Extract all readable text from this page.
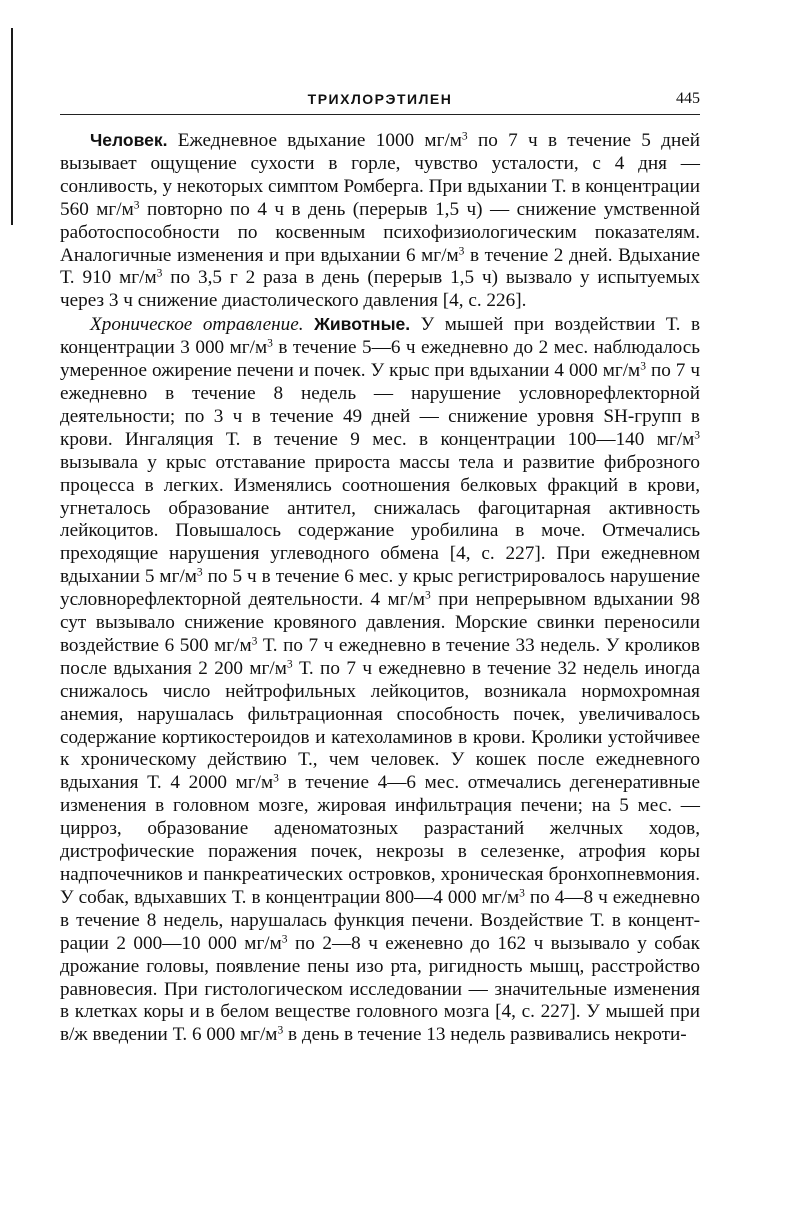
ТРИХЛОРЭТИЛЕН	445

Человек. Ежедневное вдыхание 1000 $мг/м^3$ по 7 ч в течение 5 дней вызывает ощущение сухости в горле, чувство усталости, с 4 дня — сонливость, у некоторых симптом Ромберга. При вдыхании Т. в концентрации 560 $мг/м^3$ повторно по 4 ч в день (перерыв 1,5 ч) — снижение умственной работоспособности по косвенным психофизиологическим показателям. Аналогичные изменения и при вдыхании 6 $мг/м^3$ в течение 2 дней. Вдыхание Т. 910 $мг/м^3$ по 3,5 г 2 раза в день (перерыв 1,5 ч) вызвало у испытуемых через 3 ч снижение диастолического давления [4, с. 226].

Хроническое отравление. Животные. У мышей при воздействии Т. в концентрации 3 000 $мг/м^3$ в течение 5—6 ч ежедневно до 2 мес. наблюдалось умеренное ожирение печени и почек. У крыс при вдыхании 4 000 $мг/м^3$ по 7 ч ежедневно в течение 8 недель — нарушение условнорефлекторной деятельности; по 3 ч в течение 49 дней — снижение уровня SH-групп в крови. Ингаляция Т. в течение 9 мес. в концентрации 100—140 $мг/м^3$ вызывала у крыс отставание прироста массы тела и развитие фиброзного процесса в легких. Изменялись соотношения белковых фракций в крови, угнеталось образование антител, снижалась фагоцитарная активность лейкоцитов. Повышалось содержание уробилина в моче. Отмечались преходящие нарушения углеводного обмена [4, с. 227]. При ежедневном вдыхании 5 $мг/м^3$ по 5 ч в течение 6 мес. у крыс регистрировалось нарушение условнорефлекторной деятельности. 4 $мг/м^3$ при непрерывном вдыхании 98 сут вызывало снижение кровяного давления. Морские свинки переносили воздействие 6 500 $мг/м^3$ Т. по 7 ч ежедневно в течение 33 недель. У кроликов после вдыхания 2 200 $мг/м^3$ Т. по 7 ч ежедневно в течение 32 недель иногда снижалось число нейтрофильных лейкоцитов, возникала нормохромная анемия, нарушалась фильтрационная способность почек, увеличивалось содержание кортикостероидов и катехоламинов в крови. Кролики устойчивее к хроническому действию Т., чем человек. У кошек после ежедневного вдыхания Т. 4 2000 $мг/м^3$ в течение 4—6 мес. отмечались дегенеративные изменения в головном мозге, жировая инфильтрация печени; на 5 мес. — цирроз, образование аденоматозных разрастаний желчных ходов, дистрофические поражения почек, некрозы в селезенке, атрофия коры надпочечников и панкреатических островков, хроническая бронхопневмония. У собак, вдыхавших Т. в концентрации 800—4 000 $мг/м^3$ по 4—8 ч ежедневно в течение 8 недель, нарушалась функция печени. Воздействие Т. в концентрации 2 000—10 000 $мг/м^3$ по 2—8 ч еженевно до 162 ч вызывало у собак дрожание головы, появление пены изо рта, ригидность мышц, расстройство равновесия. При гистологическом исследовании — значительные изменения в клетках коры и в белом веществе головного мозга [4, с. 227]. У мышей при в/ж введении Т. 6 000 $мг/м^3$ в день в течение 13 недель развивались некроти-
